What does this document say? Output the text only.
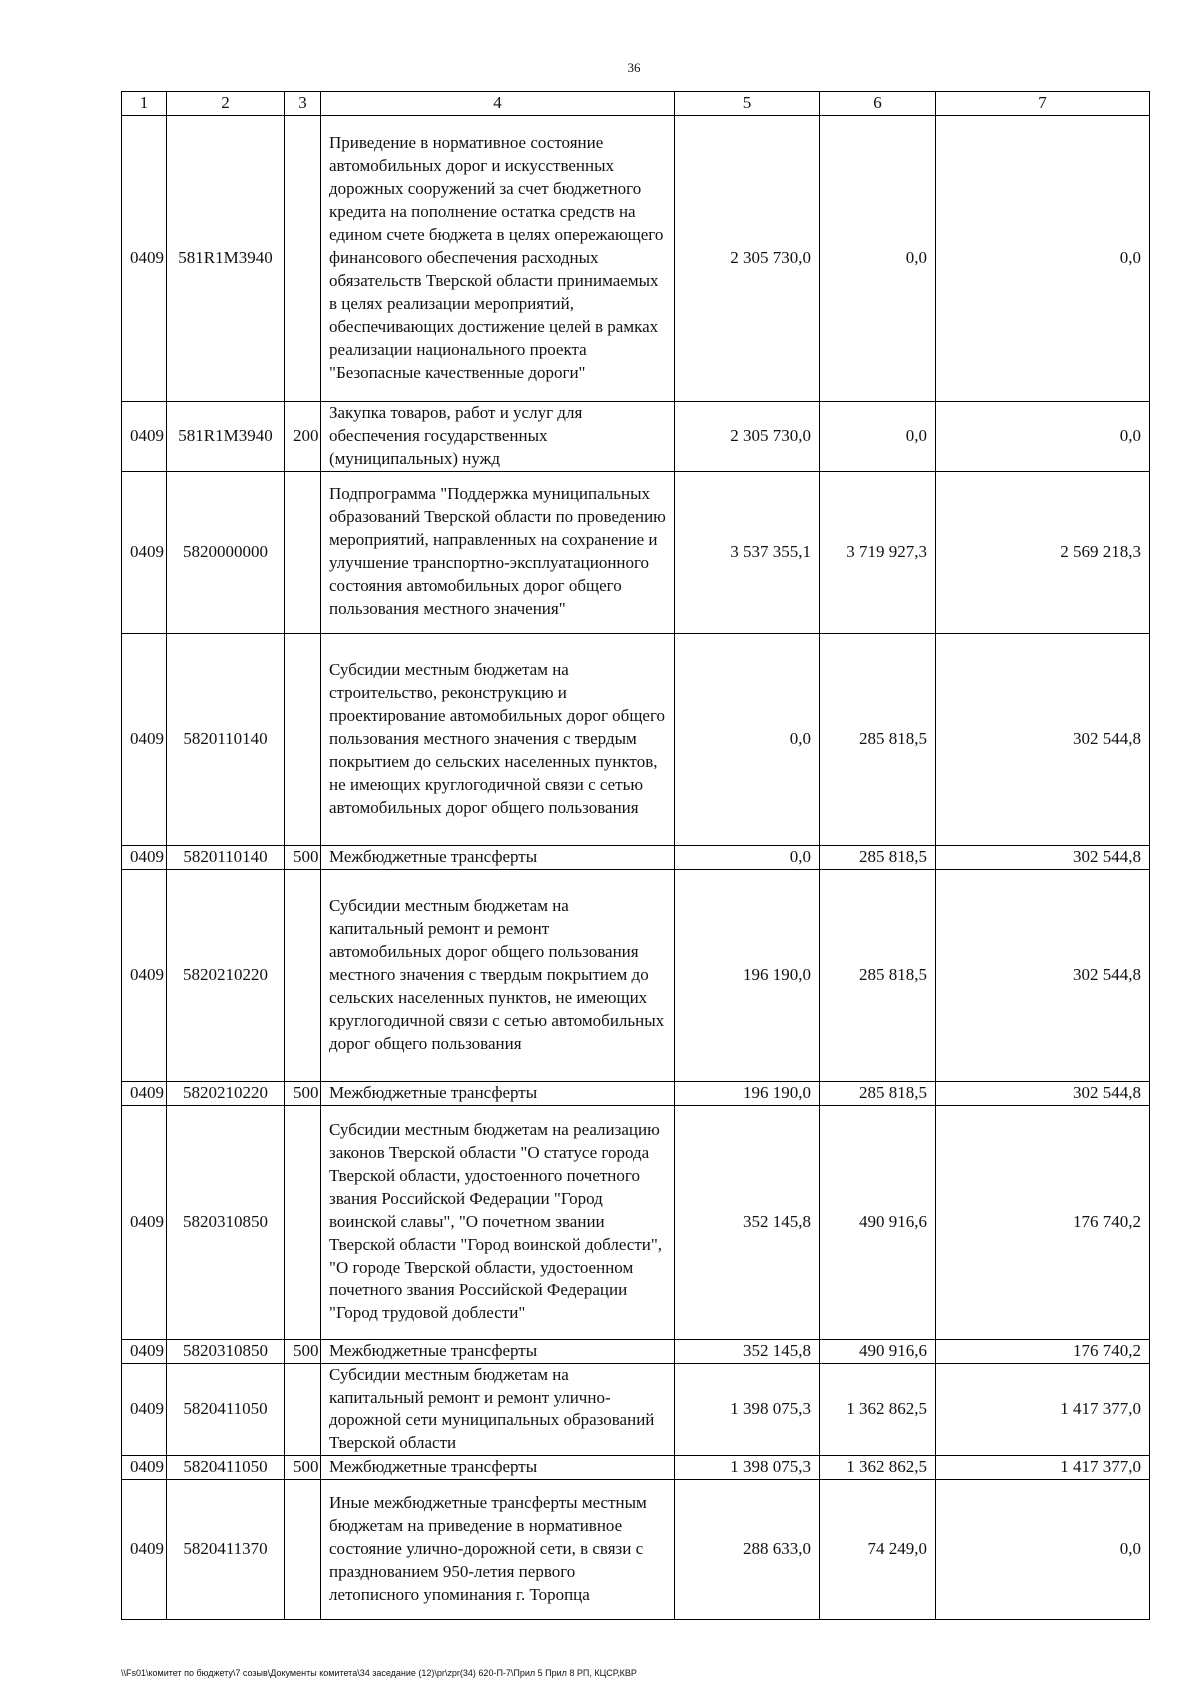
36
1	2	3	4	5	6	7
0409	581R1M3940		Приведение в нормативное состояние автомобильных дорог и искусственных дорожных сооружений за счет бюджетного кредита на пополнение остатка средств на едином счете бюджета в целях опережающего финансового обеспечения расходных обязательств Тверской области принимаемых в целях реализации мероприятий, обеспечивающих достижение целей в рамках реализации национального проекта "Безопасные качественные дороги"	2 305 730,0	0,0	0,0
0409	581R1M3940	200	Закупка товаров, работ и услуг для обеспечения государственных (муниципальных) нужд	2 305 730,0	0,0	0,0
0409	5820000000		Подпрограмма "Поддержка муниципальных образований Тверской области по проведению мероприятий, направленных на сохранение и улучшение транспортно-эксплуатационного состояния автомобильных дорог общего пользования местного значения"	3 537 355,1	3 719 927,3	2 569 218,3
0409	5820110140		Субсидии местным бюджетам на строительство, реконструкцию и проектирование автомобильных дорог общего пользования местного значения с твердым покрытием до сельских населенных пунктов, не имеющих круглогодичной связи с сетью автомобильных дорог общего пользования	0,0	285 818,5	302 544,8
0409	5820110140	500	Межбюджетные трансферты	0,0	285 818,5	302 544,8
0409	5820210220		Субсидии местным бюджетам на капитальный ремонт и ремонт автомобильных дорог общего пользования местного значения с твердым покрытием до сельских населенных пунктов, не имеющих круглогодичной связи с сетью автомобильных дорог общего пользования	196 190,0	285 818,5	302 544,8
0409	5820210220	500	Межбюджетные трансферты	196 190,0	285 818,5	302 544,8
0409	5820310850		Субсидии местным бюджетам на реализацию законов Тверской области "О статусе города Тверской области, удостоенного почетного звания Российской Федерации "Город воинской славы", "О почетном звании Тверской области "Город воинской доблести", "О городе Тверской области, удостоенном почетного звания Российской Федерации "Город трудовой доблести"	352 145,8	490 916,6	176 740,2
0409	5820310850	500	Межбюджетные трансферты	352 145,8	490 916,6	176 740,2
0409	5820411050		Субсидии местным бюджетам на капитальный ремонт и ремонт улично-дорожной сети муниципальных образований Тверской области	1 398 075,3	1 362 862,5	1 417 377,0
0409	5820411050	500	Межбюджетные трансферты	1 398 075,3	1 362 862,5	1 417 377,0
0409	5820411370		Иные межбюджетные трансферты местным бюджетам на приведение в нормативное состояние улично-дорожной сети, в связи с празднованием 950-летия первого летописного упоминания г. Торопца	288 633,0	74 249,0	0,0
\\Fs01\комитет по бюджету\7 созыв\Документы комитета\34 заседание (12)\pr\zpr(34) 620-П-7\Прил 5 Прил 8 РП, КЦСР,КВР
